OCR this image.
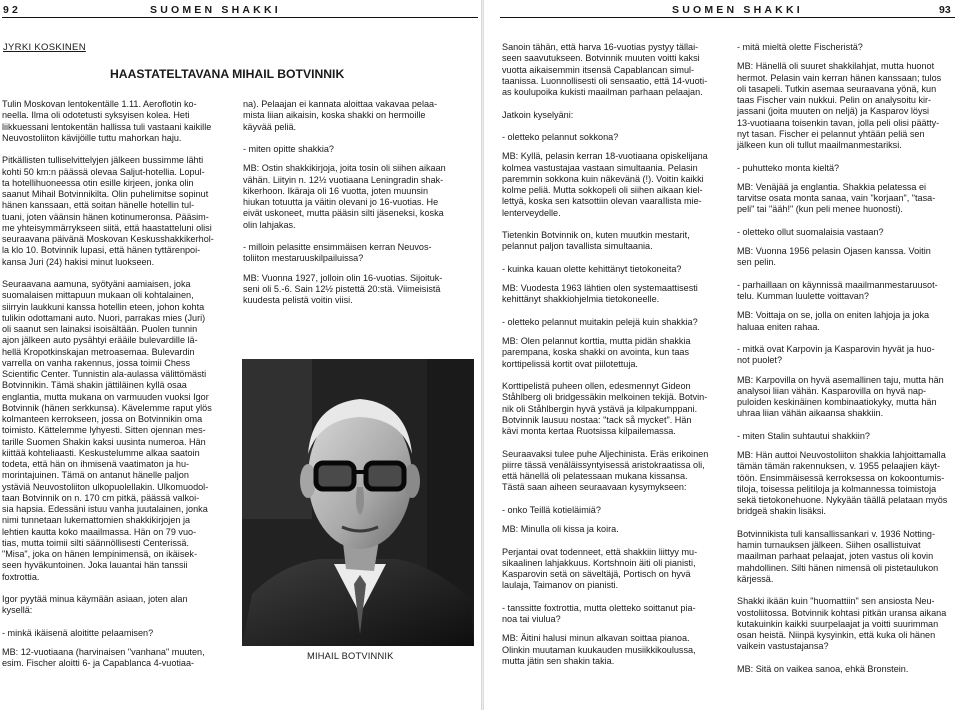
92	SUOMEN SHAKKI	SUOMEN SHAKKI	93
JYRKI KOSKINEN
HAASTATELTAVANA MIHAIL BOTVINNIK

Tulin Moskovan lentokentälle 1.11. Aeroflotin ko-
neella. Ilma oli odotetusti syksyisen kolea. Heti
liikkuessani lentokentän hallissa tuli vastaani kaikille
Neuvostoliiton kävijöille tuttu mahorkan haju.

Pitkällisten tulliselvittelyjen jälkeen bussimme lähti
kohti 50 km:n päässä olevaa Saljut-hotellia. Lopul-
ta hotellihuoneessa otin esille kirjeen, jonka olin
saanut Mihail Botvinnikilta. Olin puhelimitse sopinut
hänen kanssaan, että soitan hänelle hotellin tul-
tuani, joten väänsin hänen kotinumeronsa. Pääsim-
me yhteisymmärrykseen siitä, että haastatteluni olisi
seuraavana päivänä Moskovan Keskusshakkikerhol-
la klo 10. Botvinnik lupasi, että hänen tyttärenpoi-
kansa Juri (24) hakisi minut luokseen.

Seuraavana aamuna, syötyäni aamiaisen, joka
suomalaisen mittapuun mukaan oli kohtalainen,
siirryin laukkuni kanssa hotellin eteen, johon kohta
tulikin odottamani auto. Nuori, parrakas mies (Juri)
oli saanut sen lainaksi isoisältään. Puolen tunnin
ajon jälkeen auto pysähtyi erääile bulevardille lä-
hellä Kropotkinskajan metroasemaa. Bulevardin
varrella on vanha rakennus, jossa toimii Chess
Scientific Center. Tunnistin ala-aulassa välittömästi
Botvinnikin. Tämä shakin jättiläinen kyllä osaa
englantia, mutta mukana on varmuuden vuoksi Igor
Botvinnik (hänen serkkunsa). Kävelemme raput ylös
kolmanteen kerrokseen, jossa on Botvinnikin oma
toimisto. Kättelemme lyhyesti. Sitten ojennan mes-
tarille Suomen Shakin kaksi uusinta numeroa. Hän
kiittää kohteliaasti. Keskustelumme alkaa saatoin
todeta, että hän on ihmisenä vaatimaton ja hu-
morintajuinen. Tämä on antanut hänelle paljon
ystäviä Neuvostoliiton ulkopuolellakin. Ulkomuodol-
taan Botvinnik on n. 170 cm pitkä, päässä valkoi-
sia hapsia. Edessäni istuu vanha juutalainen, jonka
nimi tunnetaan lukemattomien shakkikirjojen ja
lehtien kautta koko maailmassa. Hän on 79 vuo-
tias, mutta toimii silti säännöllisesti Centerissä.
"Misa", joka on hänen lempinimensä, on ikäisek-
seen hyväkuntoinen. Joka lauantai hän tanssii
foxtrottia.

Igor pyytää minua käymään asiaan, joten alan
kysellä:

- minkä ikäisenä aloititte pelaamisen?

MB: 12-vuotiaana (harvinaisen "vanhana" muuten,
esim. Fischer aloitti 6- ja Capablanca 4-vuotiaa-

na). Pelaajan ei kannata aloittaa vakavaa pelaa-
mista liian aikaisin, koska shakki on hermoille
käyvää peliä.

- miten opitte shakkia?

MB: Ostin shakkikirjoja, joita tosin oli siihen aikaan
vähän. Liityin n. 12½ vuotiaana Leningradin shak-
kikerhoon. Ikäraja oli 16 vuotta, joten muunsin
hiukan totuutta ja väitin olevani jo 16-vuotias. He
eivät uskoneet, mutta pääsin silti jäseneksi, koska
olin lahjakas.

- milloin pelasitte ensimmäisen kerran Neuvos-
toliiton mestaruuskilpailuissa?

MB: Vuonna 1927, jolloin olin 16-vuotias. Sijoituk-
seni oli 5.-6. Sain 12½ pistettä 20:stä. Viimeisistä
kuudesta pelistä voitin viisi.

MIHAIL BOTVINNIK

Sanoin tähän, että harva 16-vuotias pystyy tällai-
seen saavutukseen. Botvinnik muuten voitti kaksi
vuotta aikaisemmin itsensä Capablancan simul-
taanissa. Luonnollisesti oli sensaatio, että 14-vuoti-
as koulupoika kukisti maailman parhaan pelaajan.

Jatkoin kyselyäni:

- oletteko pelannut sokkona?

MB: Kyllä, pelasin kerran 18-vuotiaana opiskelijana
kolmea vastustajaa vastaan simultaania. Pelasin
paremmin sokkona kuin näkevänä (!). Voitin kaikki
kolme peliä. Mutta sokkopeli oli siihen aikaan kiel-
lettyä, koska sen katsottiin olevan vaaraIlista mie-
lenterveydelle.

Tietenkin Botvinnik on, kuten muutkin mestarit,
pelannut paljon tavallista simultaania.

- kuinka kauan olette kehittänyt tietokoneita?

MB: Vuodesta 1963 lähtien olen systemaattisesti
kehittänyt shakkiohjelmia tietokoneelle.

- oletteko pelannut muitakin pelejä kuin shakkia?

MB: Olen pelannut korttia, mutta pidän shakkia
parempana, koska shakki on avointa, kun taas
korttipelissä kortit ovat piilotettuja.

Korttipelistä puheen ollen, edesmennyt Gideon
Ståhlberg oli bridgessäkin melkoinen tekijä. Botvin-
nik oli Ståhlbergin hyvä ystävä ja kilpakumppani.
Botvinnik lausuu nostaa: "tack så mycket". Hän
kävi monta kertaa Ruotsissa kilpailemassa.

Seuraavaksi tulee puhe Aljechinista. Eräs erikoinen
piirre tässä venäläissyntyisessä aristokraatissa oli,
että hänellä oli pelatessaan mukana kissansa.
Tästä saan aiheen seuraavaan kysymykseen:

- onko Teillä kotieläimiä?

MB: Minulla oli kissa ja koira.

Perjantai ovat todenneet, että shakkiin liittyy mu-
sikaalinen lahjakkuus. Kortshnoin äiti oli pianisti,
Kasparovin setä on säveltäjä, Portisch on hyvä
laulaja, Taimanov on pianisti.

- tanssitte foxtrottia, mutta oletteko soittanut pia-
noa tai viulua?

MB: Äitini halusi minun alkavan soittaa pianoa.
Olinkin muutaman kuukauden musiikkikoulussa,
mutta jätin sen shakin takia.

- mitä mieltä olette Fischeristä?

MB: Hänellä oli suuret shakkilahjat, mutta huonot
hermot. Pelasin vain kerran hänen kanssaan; tulos
oli tasapeli. Tutkin asemaa seuraavana yönä, kun
taas Fischer vain nukkui. Pelin on analysoitu kir-
jassani (joita muuten on neljä) ja Kasparov löysi
13-vuotiaana toisenkin tavan, jolla peli olisi päätty-
nyt tasan. Fischer ei pelannut yhtään peliä sen
jälkeen kun oli tullut maailmanmestariksi.

- puhutteko monta kieltä?

MB: Venäjää ja englantia. Shakkia pelatessa ei
tarvitse osata monta sanaa, vain "korjaan", "tasa-
peli" tai "ääh!" (kun peli menee huonosti).

- oletteko ollut suomalaisia vastaan?

MB: Vuonna 1956 pelasin Ojasen kanssa. Voitin
sen pelin.

- parhaillaan on käynnissä maailmanmestaruusot-
telu. Kumman luulette voittavan?

MB: Voittaja on se, jolla on eniten lahjoja ja joka
haluaa eniten rahaa.

- mitkä ovat Karpovin ja Kasparovin hyvät ja huo-
not puolet?

MB: Karpovilla on hyvä asemallinen taju, mutta hän
analysoi liian vähän. Kasparovilla on hyvä nap-
puloiden keskinäinen kombinaatiokyky, mutta hän
uhraa liian vähän aikaansa shakkiin.

- miten Stalin suhtautui shakkiin?

MB: Hän auttoi Neuvostoliiton shakkia lahjoittamalla
tämän tämän rakennuksen, v. 1955 pelaajien käyt-
töön. Ensimmäisessä kerroksessa on kokoontumis-
tiloja, toisessa pelitiloja ja kolmannessa toimistoja
sekä tietokonehuone. Nykyään täällä pelataan myös
bridgeä shakin lisäksi.

Botvinnikista tuli kansallissankari v. 1936 Notting-
hamin turnauksen jälkeen. Siihen osallistuivat
maailman parhaat pelaajat, joten vastus oli kovin
mahdollinen. Silti hänen nimensä oli pistetaulukon
kärjessä.

Shakki ikään kuin "huomattiin" sen ansiosta Neu-
vostoliitossa. Botvinnik kohtasi pitkän uransa aikana
kutakuinkin kaikki suurpelaajat ja voitti suurimman
osan heistä. Niinpä kysyinkin, että kuka oli hänen
vaikein vastustajansa?

MB: Sitä on vaikea sanoa, ehkä Bronstein.
